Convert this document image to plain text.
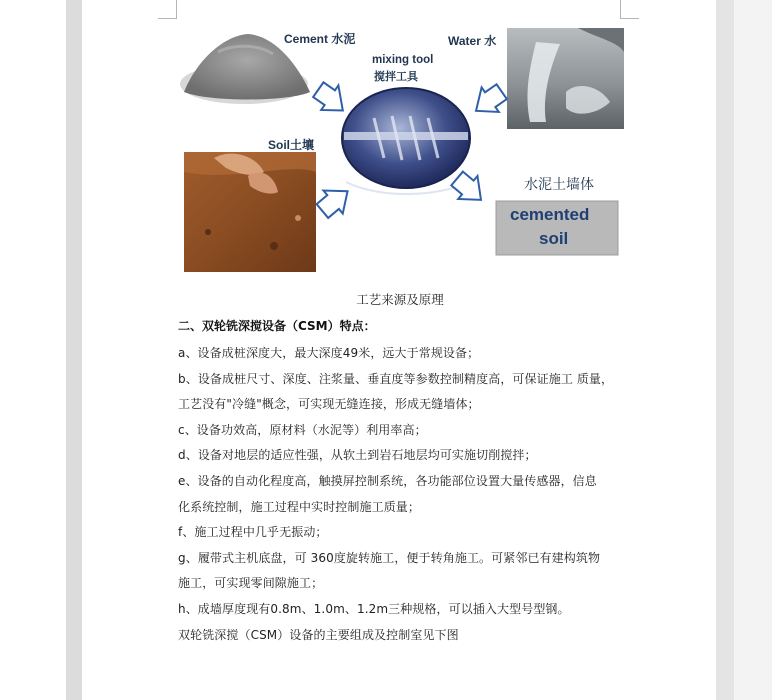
Cement 水泥	Water 水
mixing tool
搅拌工具
Soil土壤
水泥土墙体
cemented
soil
工艺来源及原理
二、双轮铣深搅设备（CSM）特点：
a、设备成桩深度大，最大深度49米，远大于常规设备；
b、设备成桩尺寸、深度、注浆量、垂直度等参数控制精度高，可保证施工 质量，
工艺没有"冷缝"概念，可实现无缝连接，形成无缝墙体；
c、设备功效高，原材料（水泥等）利用率高；
d、设备对地层的适应性强，从软土到岩石地层均可实施切削搅拌；
e、设备的自动化程度高，触摸屏控制系统，各功能部位设置大量传感器，信息
化系统控制，施工过程中实时控制施工质量；
f、施工过程中几乎无振动；
g、履带式主机底盘，可 360度旋转施工，便于转角施工。可紧邻已有建构筑物
施工，可实现零间隙施工；
h、成墙厚度现有0.8m、1.0m、1.2m三种规格，可以插入大型号型钢。
双轮铣深搅（CSM）设备的主要组成及控制室见下图
